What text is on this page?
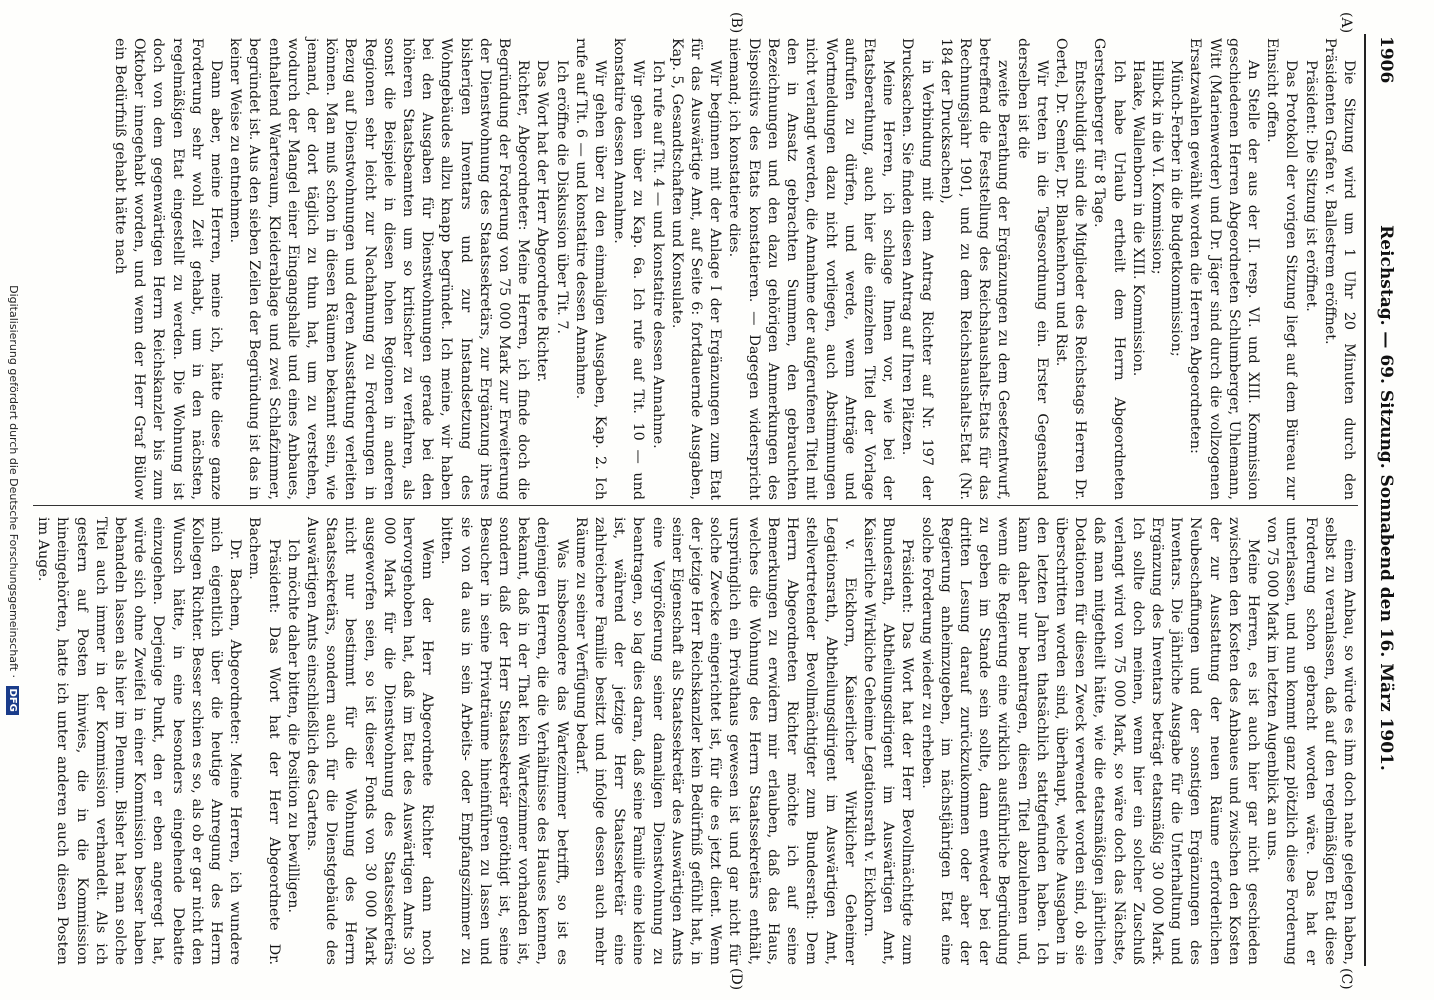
1906
Reichstag. — 69. Sitzung. Sonnabend den 16. März 1901.
(A)
(B)
(C)
(D)

Die Sitzung wird um 1 Uhr 20 Minuten durch den Präsidenten Grafen v. Ballestrem eröffnet.

Präsident: Die Sitzung ist eröffnet.

Das Protokoll der vorigen Sitzung liegt auf dem Büreau zur Einsicht offen.

An Stelle der aus der II. resp. VI. und XIII. Kommission geschiedenen Herren Abgeordneten Schlumberger, Uhlemann, Witt (Marienwerder) und Dr. Jäger sind durch die vollzogenen Ersatzwahlen gewählt worden die Herren Abgeordneten:

Münch-Ferber in die Budgetkommission;

Hilbck in die VI. Kommission;

Haake, Wallenborn in die XIII. Kommission.

Ich habe Urlaub ertheilt dem Herrn Abgeordneten Gerstenberger für 8 Tage.

Entschuldigt sind die Mitglieder des Reichstags Herren Dr. Oertel, Dr. Semler, Dr. Blankenhorn und Rist.

Wir treten in die Tagesordnung ein. Erster Gegenstand derselben ist die

zweite Berathung der Ergänzungen zu dem Gesetzentwurf, betreffend die Feststellung des Reichshaushalts-Etats für das Rechnungsjahr 1901, und zu dem Reichshaushalts-Etat (Nr. 184 der Drucksachen),

in Verbindung mit dem Antrag Richter auf Nr. 197 der Drucksachen. Sie finden diesen Antrag auf Ihren Plätzen.

Meine Herren, ich schlage Ihnen vor, wie bei der Etatsberathung, auch hier die einzelnen Titel der Vorlage aufrufen zu dürfen, und werde, wenn Anträge und Wortmeldungen dazu nicht vorliegen, auch Abstimmungen nicht verlangt werden, die Annahme der aufgerufenen Titel mit den in Ansatz gebrachten Summen, den gebrauchten Bezeichnungen und den dazu gehörigen Anmerkungen des Dispositivs des Etats konstatieren. — Dagegen widerspricht niemand; ich konstatiere dies.

Wir beginnen mit der Anlage I der Ergänzungen zum Etat für das Auswärtige Amt, auf Seite 6: fortdauernde Ausgaben, Kap. 5, Gesandtschaften und Konsulate.

Ich rufe auf Tit. 4 — und konstatire dessen Annahme.

Wir gehen über zu Kap. 6a. Ich rufe auf Tit. 10 — und konstatire dessen Annahme.

Wir gehen über zu den einmaligen Ausgaben, Kap. 2. Ich rufe auf Tit. 6 — und konstatire dessen Annahme.

Ich eröffne die Diskussion über Tit. 7.

Das Wort hat der Herr Abgeordnete Richter.

Richter, Abgeordneter: Meine Herren, ich finde doch die Begründung der Forderung von 75 000 Mark zur Erweiterung der Dienstwohnung des Staatssekretärs, zur Ergänzung ihres bisherigen Inventars und zur Instandsetzung des Wohngebäudes allzu knapp begründet. Ich meine, wir haben bei den Ausgaben für Dienstwohnungen gerade bei den höheren Staatsbeamten um so kritischer zu verfahren, als sonst die Beispiele in diesen hohen Regionen in anderen Regionen sehr leicht zur Nachahmung zu Forderungen in Bezug auf Dienstwohnungen und deren Ausstattung verleiten können. Man muß schon in diesen Räumen bekannt sein, wie jemand, der dort täglich zu thun hat, um zu verstehen, wodurch der Mangel einer Eingangshalle und eines Anbaues, enthaltend Warteraum, Kleiderablage und zwei Schlafzimmer, begründet ist. Aus den sieben Zeilen der Begründung ist das in keiner Weise zu entnehmen.

Dann aber, meine Herren, meine ich, hätte diese ganze Forderung sehr wohl Zeit gehabt, um in den nächsten, regelmäßigen Etat eingestellt zu werden. Die Wohnung ist doch von dem gegenwärtigen Herrn Reichskanzler bis zum Oktober innegehabt worden, und wenn der Herr Graf Bülow ein Bedürfniß gehabt hätte nach

einem Anbau, so würde es ihm doch nahe gelegen haben, selbst zu veranlassen, daß auf den regelmäßigen Etat diese Forderung schon gebracht worden wäre. Das hat er unterlassen, und nun kommt ganz plötzlich diese Forderung von 75 000 Mark im letzten Augenblick an uns.

Meine Herren, es ist auch hier gar nicht geschieden zwischen den Kosten des Anbaues und zwischen den Kosten der zur Ausstattung der neuen Räume erforderlichen Neubeschaffungen und der sonstigen Ergänzungen des Inventars. Die jährliche Ausgabe für die Unterhaltung und Ergänzung des Inventars beträgt etatsmäßig 30 000 Mark. Ich sollte doch meinen, wenn hier ein solcher Zuschuß verlangt wird von 75 000 Mark, so wäre doch das Nächste, daß man mitgetheilt hätte, wie die etatsmäßigen jährlichen Dotationen für diesen Zweck verwendet worden sind, ob sie überschritten worden sind, überhaupt, welche Ausgaben in den letzten Jahren thatsächlich stattgefunden haben. Ich kann daher nur beantragen, diesen Titel abzulehnen und, wenn die Regierung eine wirklich ausführliche Begründung zu geben im Stande sein sollte, dann entweder bei der dritten Lesung darauf zurückzukommen oder aber der Regierung anheimzugeben, im nächstjährigen Etat eine solche Forderung wieder zu erheben.

Präsident: Das Wort hat der Herr Bevollmächtigte zum Bundesrath, Abtheilungsdirigent im Auswärtigen Amt, Kaiserliche Wirkliche Geheime Legationsrath v. Eickhorn.

v. Eickhorn, Kaiserlicher Wirklicher Geheimer Legationsrath, Abtheilungsdirigent im Auswärtigen Amt, stellvertretender Bevollmächtigter zum Bundesrath: Dem Herrn Abgeordneten Richter möchte ich auf seine Bemerkungen zu erwidern mir erlauben, daß das Haus, welches die Wohnung des Herrn Staatssekretärs enthält, ursprünglich ein Privathaus gewesen ist und gar nicht für solche Zwecke eingerichtet ist, für die es jetzt dient. Wenn der jetzige Herr Reichskanzler kein Bedürfniß gefühlt hat, in seiner Eigenschaft als Staatssekretär des Auswärtigen Amts eine Vergrößerung seiner damaligen Dienstwohnung zu beantragen, so lag dies daran, daß seine Familie eine kleine ist, während der jetzige Herr Staatssekretär eine zahlreichere Familie besitzt und infolge dessen auch mehr Räume zu seiner Verfügung bedarf.

Was insbesondere das Wartezimmer betrifft, so ist es denjenigen Herren, die die Verhältnisse des Hauses kennen, bekannt, daß in der That kein Wartezimmer vorhanden ist, sondern daß der Herr Staatssekretär genöthigt ist, seine Besucher in seine Privaträume hineinführen zu lassen und sie von da aus in sein Arbeits- oder Empfangszimmer zu bitten.

Wenn der Herr Abgeordnete Richter dann noch hervorgehoben hat, daß im Etat des Auswärtigen Amts 30 000 Mark für die Dienstwohnung des Staatssekretärs ausgeworfen seien, so ist dieser Fonds von 30 000 Mark nicht nur bestimmt für die Wohnung des Herrn Staatssekretärs, sondern auch für die Dienstgebäude des Auswärtigen Amts einschließlich des Gartens.

Ich möchte daher bitten, die Position zu bewilligen.

Präsident: Das Wort hat der Herr Abgeordnete Dr. Bachem.

Dr. Bachem, Abgeordneter: Meine Herren, ich wundere mich eigentlich über die heutige Anregung des Herrn Kollegen Richter. Besser schien es so, als ob er gar nicht den Wunsch hätte, in eine besonders eingehende Debatte einzugehen. Derjenige Punkt, den er eben angeregt hat, würde sich ohne Zweifel in einer Kommission besser haben behandeln lassen als hier im Plenum. Bisher hat man solche Titel auch immer in der Kommission verhandelt. Als ich gestern auf Posten hinwies, die in die Kommission hineingehörten, hatte ich unter anderen auch diesen Posten im Auge.

Digitalisierung gefördert durch die Deutsche Forschungsgemeinschaft · DFG
